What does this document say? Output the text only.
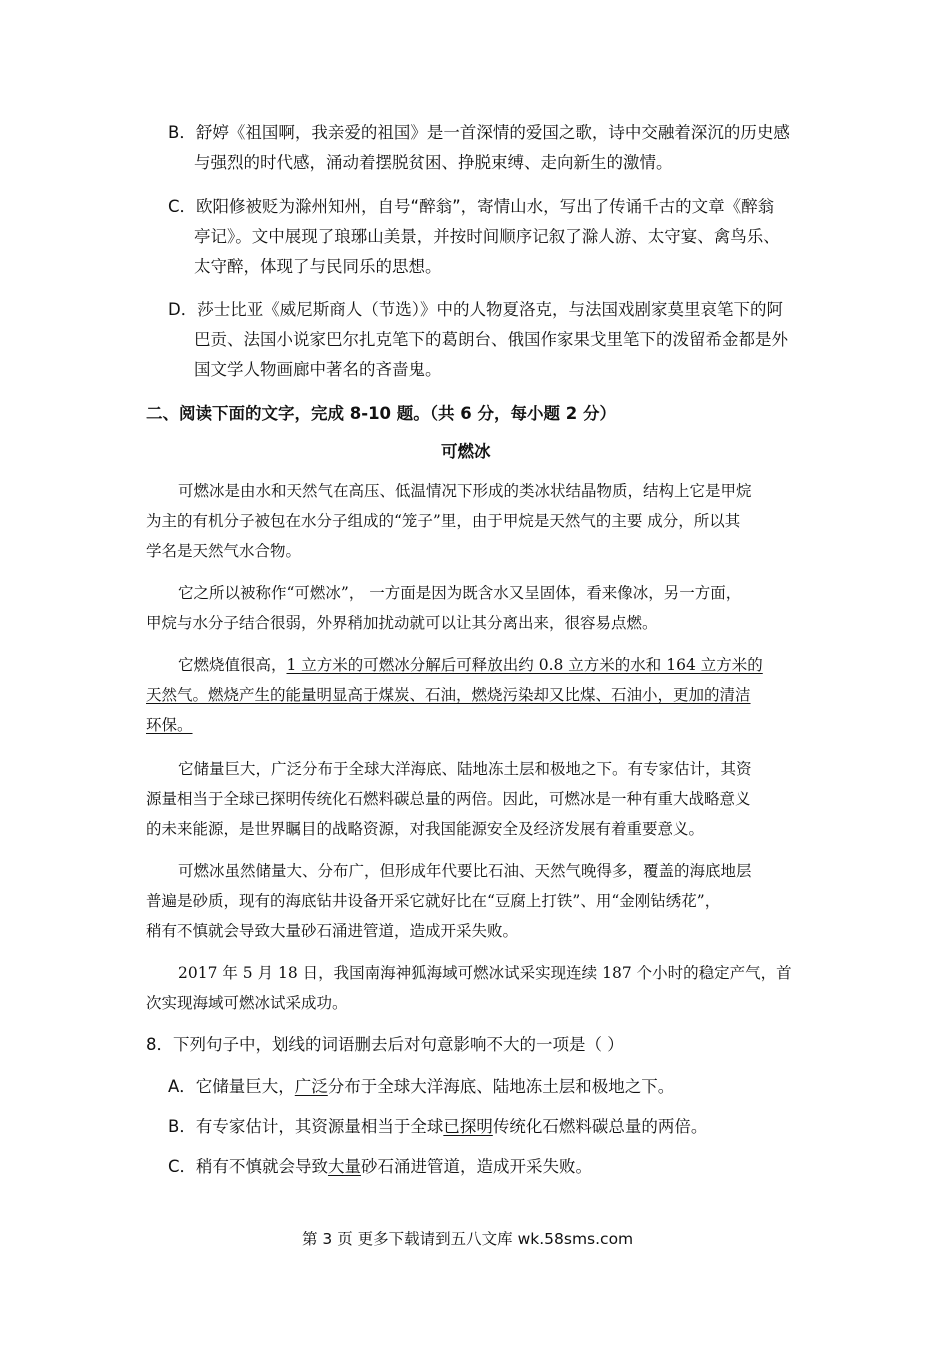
B．舒婷《祖国啊，我亲爱的祖国》是一首深情的爱国之歌，诗中交融着深沉的历史感
与强烈的时代感，涌动着摆脱贫困、挣脱束缚、走向新生的激情。
C．欧阳修被贬为滁州知州，自号“醉翁”，寄情山水，写出了传诵千古的文章《醉翁
亭记》。文中展现了琅琊山美景，并按时间顺序记叙了滁人游、太守宴、禽鸟乐、
太守醉，体现了与民同乐的思想。
D．莎士比亚《威尼斯商人（节选）》中的人物夏洛克，与法国戏剧家莫里哀笔下的阿
巴贡、法国小说家巴尔扎克笔下的葛朗台、俄国作家果戈里笔下的泼留希金都是外
国文学人物画廊中著名的吝啬鬼。
二、阅读下面的文字，完成 8-10 题。（共 6 分，每小题 2 分）
可燃冰
可燃冰是由水和天然气在高压、低温情况下形成的类冰状结晶物质，结构上它是甲烷
为主的有机分子被包在水分子组成的“笼子”里，由于甲烷是天然气的主要 成分，所以其
学名是天然气水合物。
它之所以被称作“可燃冰”， 一方面是因为既含水又呈固体，看来像冰，另一方面，
甲烷与水分子结合很弱，外界稍加扰动就可以让其分离出来，很容易点燃。
它燃烧值很高，1 立方米的可燃冰分解后可释放出约 0.8 立方米的水和 164 立方米的
天然气。燃烧产生的能量明显高于煤炭、石油，燃烧污染却又比煤、石油小，更加的清洁
环保。
它储量巨大，广泛分布于全球大洋海底、陆地冻土层和极地之下。有专家估计，其资
源量相当于全球已探明传统化石燃料碳总量的两倍。因此，可燃冰是一种有重大战略意义
的未来能源，是世界瞩目的战略资源，对我国能源安全及经济发展有着重要意义。
可燃冰虽然储量大、分布广，但形成年代要比石油、天然气晚得多，覆盖的海底地层
普遍是砂质，现有的海底钻井设备开采它就好比在“豆腐上打铁”、用“金刚钻绣花”，
稍有不慎就会导致大量砂石涌进管道，造成开采失败。
2017 年 5 月 18 日，我国南海神狐海域可燃冰试采实现连续 187 个小时的稳定产气，首
次实现海域可燃冰试采成功。
8．下列句子中，划线的词语删去后对句意影响不大的一项是（ ）
A．它储量巨大，广泛分布于全球大洋海底、陆地冻土层和极地之下。
B．有专家估计，其资源量相当于全球已探明传统化石燃料碳总量的两倍。
C．稍有不慎就会导致大量砂石涌进管道，造成开采失败。
第 3 页 更多下载请到五八文库 wk.58sms.com
